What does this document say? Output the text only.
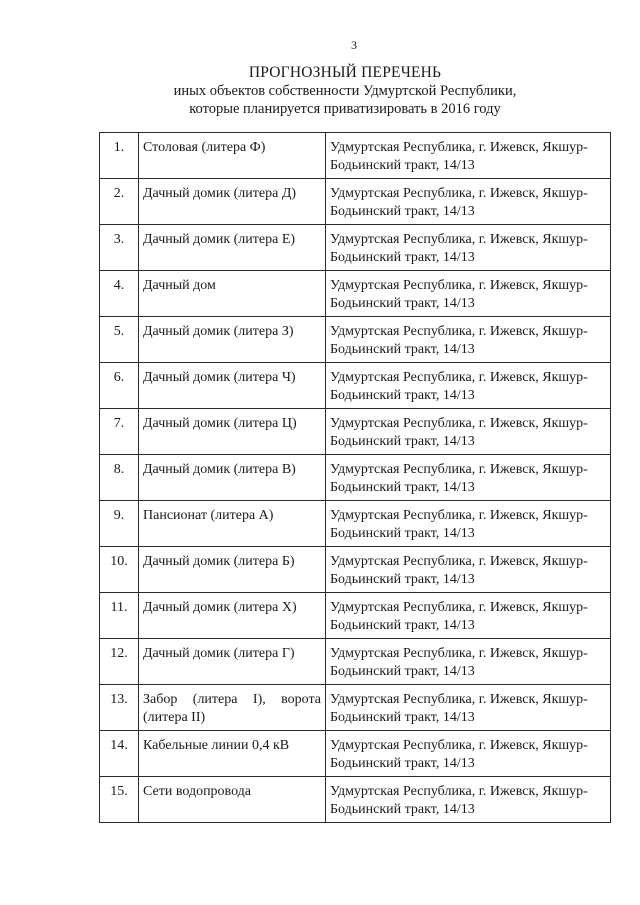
3
ПРОГНОЗНЫЙ ПЕРЕЧЕНЬ
иных объектов собственности Удмуртской Республики,
которые планируется приватизировать в 2016 году
1.	Столовая (литера Ф)	Удмуртская Республика, г. Ижевск, Якшур-
Бодьинский тракт, 14/13

2.	Дачный домик (литера Д)	Удмуртская Республика, г. Ижевск, Якшур-
Бодьинский тракт, 14/13

3.	Дачный домик (литера Е)	Удмуртская Республика, г. Ижевск, Якшур-
Бодьинский тракт, 14/13

4.	Дачный дом	Удмуртская Республика, г. Ижевск, Якшур-
Бодьинский тракт, 14/13

5.	Дачный домик (литера З)	Удмуртская Республика, г. Ижевск, Якшур-
Бодьинский тракт, 14/13

6.	Дачный домик (литера Ч)	Удмуртская Республика, г. Ижевск, Якшур-
Бодьинский тракт, 14/13

7.	Дачный домик (литера Ц)	Удмуртская Республика, г. Ижевск, Якшур-
Бодьинский тракт, 14/13

8.	Дачный домик (литера В)	Удмуртская Республика, г. Ижевск, Якшур-
Бодьинский тракт, 14/13

9.	Пансионат (литера А)	Удмуртская Республика, г. Ижевск, Якшур-
Бодьинский тракт, 14/13

10.	Дачный домик (литера Б)	Удмуртская Республика, г. Ижевск, Якшур-
Бодьинский тракт, 14/13

11.	Дачный домик (литера Х)	Удмуртская Республика, г. Ижевск, Якшур-
Бодьинский тракт, 14/13

12.	Дачный домик (литера Г)	Удмуртская Республика, г. Ижевск, Якшур-
Бодьинский тракт, 14/13

13.	Забор (литера I), ворота (литера II)	Удмуртская Республика, г. Ижевск, Якшур-
Бодьинский тракт, 14/13

14.	Кабельные линии 0,4 кВ	Удмуртская Республика, г. Ижевск, Якшур-
Бодьинский тракт, 14/13

15.	Сети водопровода	Удмуртская Республика, г. Ижевск, Якшур-
Бодьинский тракт, 14/13
